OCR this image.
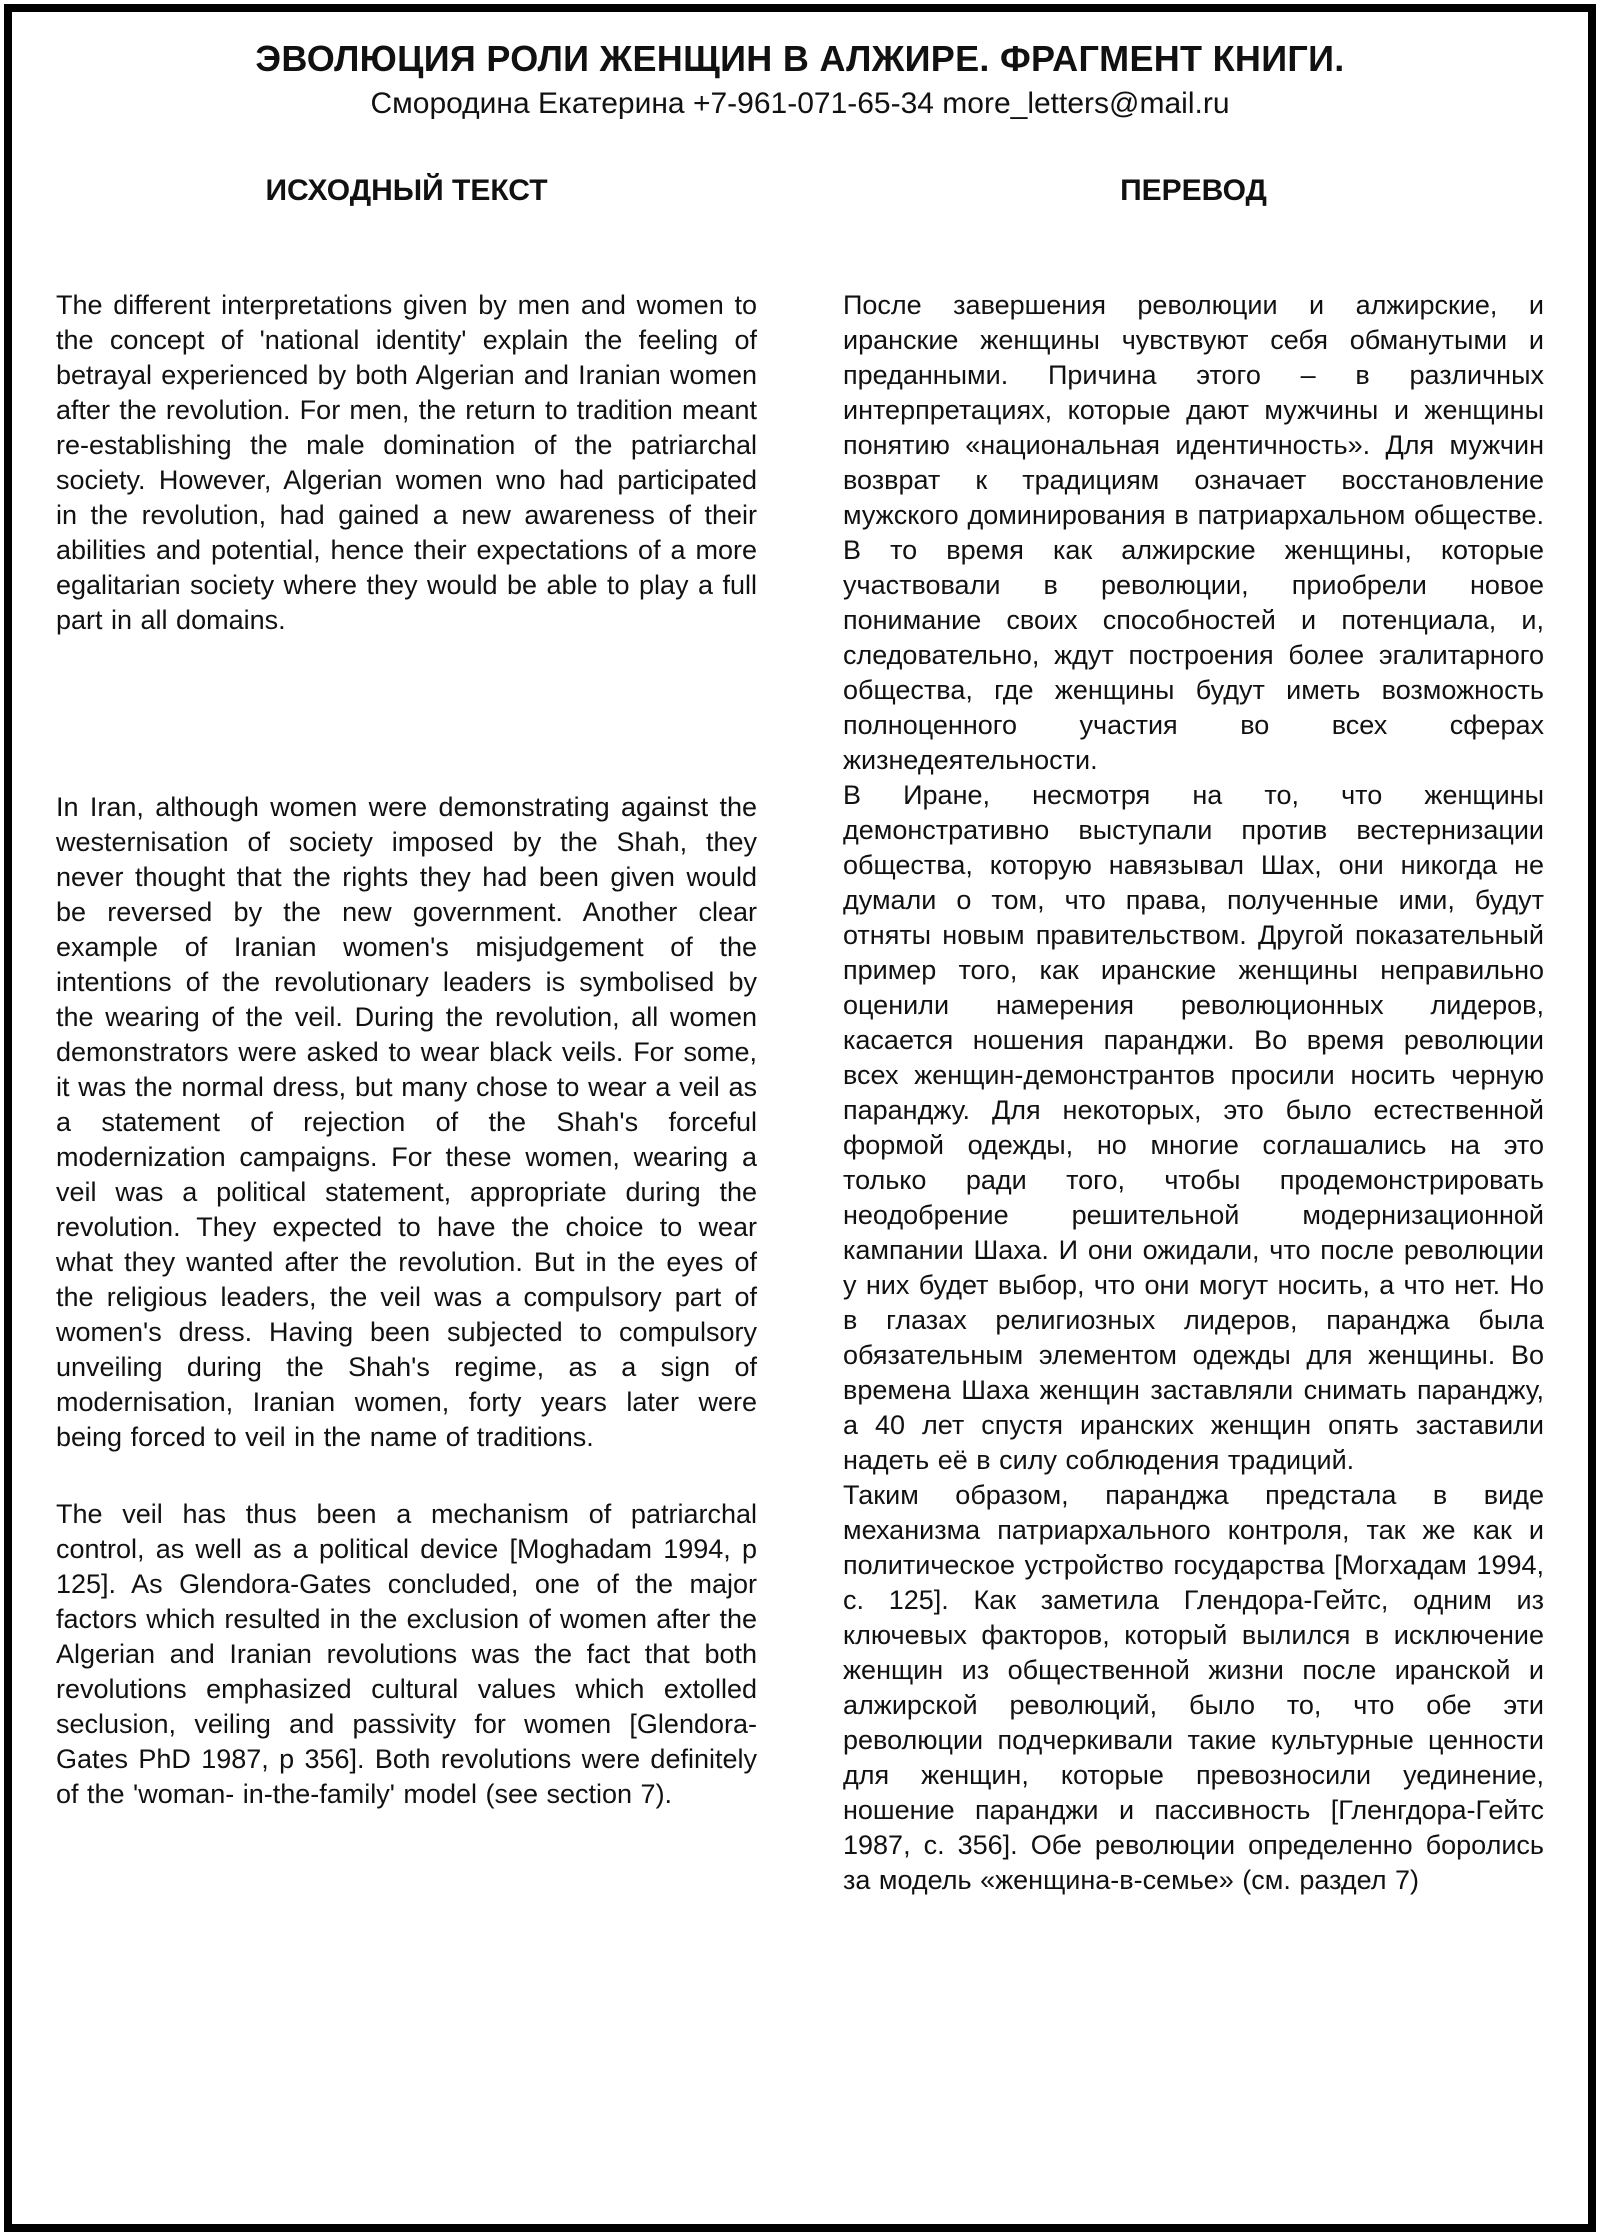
ЭВОЛЮЦИЯ РОЛИ ЖЕНЩИН В АЛЖИРЕ. ФРАГМЕНТ КНИГИ.

Смородина Екатерина +7-961-071-65-34 more_letters@mail.ru

ИСХОДНЫЙ ТЕКСТ	ПЕРЕВОД

The different interpretations given by men and women to the concept of 'national identity' explain the feeling of betrayal experienced by both Algerian and Iranian women after the revolution. For men, the return to tradition meant re-establishing the male domination of the patriarchal society. However, Algerian women wno had participated in the revolution, had gained a new awareness of their abilities and potential, hence their expectations of a more egalitarian society where they would be able to play a full part in all domains.

In Iran, although women were demonstrating against the westernisation of society imposed by the Shah, they never thought that the rights they had been given would be reversed by the new government. Another clear example of Iranian women's misjudgement of the intentions of the revolutionary leaders is symbolised by the wearing of the veil. During the revolution, all women demonstrators were asked to wear black veils. For some, it was the normal dress, but many chose to wear a veil as a statement of rejection of the Shah's forceful modernization campaigns. For these women, wearing a veil was a political statement, appropriate during the revolution. They expected to have the choice to wear what they wanted after the revolution. But in the eyes of the religious leaders, the veil was a compulsory part of women's dress. Having been subjected to compulsory unveiling during the Shah's regime, as a sign of modernisation, Iranian women, forty years later were being forced to veil in the name of traditions.

The veil has thus been a mechanism of patriarchal control, as well as a political device [Moghadam 1994, p 125]. As Glendora-Gates concluded, one of the major factors which resulted in the exclusion of women after the Algerian and Iranian revolutions was the fact that both revolutions emphasized cultural values which extolled seclusion, veiling and passivity for women [Glendora-Gates PhD 1987, p 356]. Both revolutions were definitely of the 'woman- in-the-family' model (see section 7).

После завершения революции и алжирские, и иранские женщины чувствуют себя обманутыми и преданными. Причина этого – в различных интерпретациях, которые дают мужчины и женщины понятию «национальная идентичность». Для мужчин возврат к традициям означает восстановление мужского доминирования в патриархальном обществе. В то время как алжирские женщины, которые участвовали в революции, приобрели новое понимание своих способностей и потенциала, и, следовательно, ждут построения более эгалитарного общества, где женщины будут иметь возможность полноценного участия во всех сферах жизнедеятельности.

В Иране, несмотря на то, что женщины демонстративно выступали против вестернизации общества, которую навязывал Шах, они никогда не думали о том, что права, полученные ими, будут отняты новым правительством. Другой показательный пример того, как иранские женщины неправильно оценили намерения революционных лидеров, касается ношения паранджи. Во время революции всех женщин-демонстрантов просили носить черную паранджу. Для некоторых, это было естественной формой одежды, но многие соглашались на это только ради того, чтобы продемонстрировать неодобрение решительной модернизационной кампании Шаха. И они ожидали, что после революции у них будет выбор, что они могут носить, а что нет. Но в глазах религиозных лидеров, паранджа была обязательным элементом одежды для женщины. Во времена Шаха женщин заставляли снимать паранджу, а 40 лет спустя иранских женщин опять заставили надеть её в силу соблюдения традиций.

Таким образом, паранджа предстала в виде механизма патриархального контроля, так же как и политическое устройство государства [Могхадам 1994, с. 125]. Как заметила Глендора-Гейтс, одним из ключевых факторов, который вылился в исключение женщин из общественной жизни после иранской и алжирской революций, было то, что обе эти революции подчеркивали такие культурные ценности для женщин, которые превозносили уединение, ношение паранджи и пассивность [Гленгдора-Гейтс 1987, с. 356]. Обе революции определенно боролись за модель «женщина-в-семье» (см. раздел 7)
